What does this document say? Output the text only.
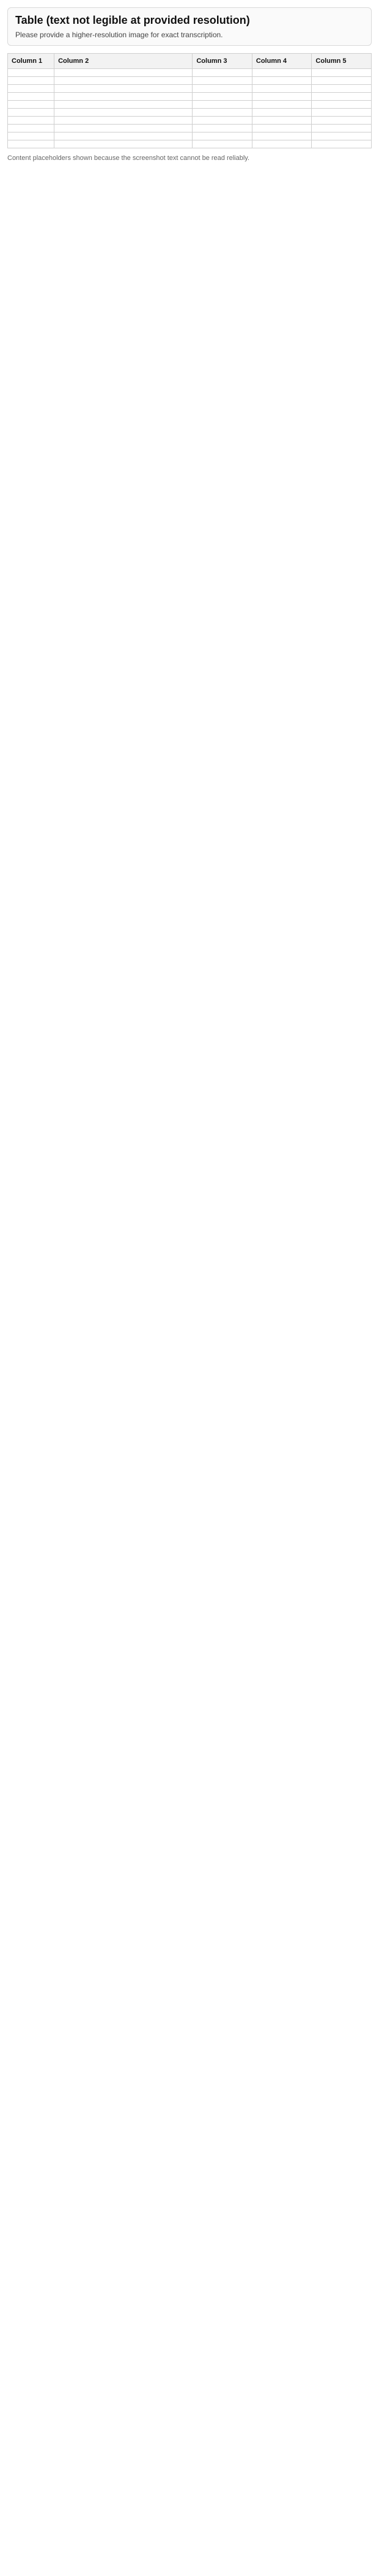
Table (text not legible at provided resolution)
Please provide a higher-resolution image for exact transcription.
Column 1	Column 2	Column 3	Column 4	Column 5

Content placeholders shown because the screenshot text cannot be read reliably.
